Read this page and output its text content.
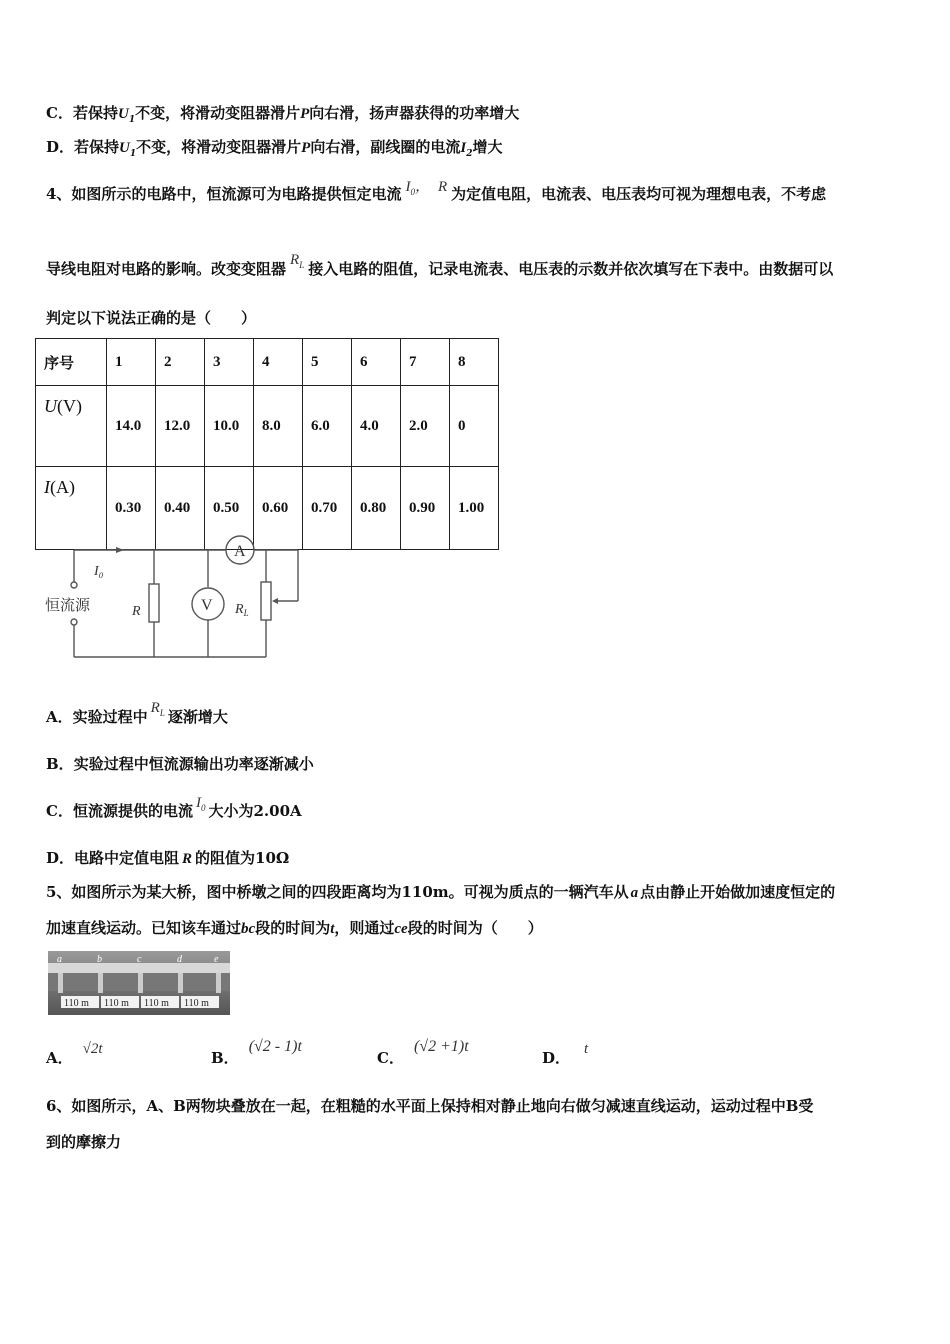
C．若保持$U_1$不变，将滑动变阻器滑片P向右滑，扬声器获得的功率增大
D．若保持$U_1$不变，将滑动变阻器滑片P向右滑，副线圈的电流$I_2$增大
4、如图所示的电路中，恒流源可为电路提供恒定电流 $I_0$， R 为定值电阻，电流表、电压表均可视为理想电表，不考虑
导线电阻对电路的影响。改变变阻器 $R_L$ 接入电路的阻值，记录电流表、电压表的示数并依次填写在下表中。由数据可以
判定以下说法正确的是（　　）
序号	1	2	3	4	5	6	7	8
U(V)	14.0	12.0	10.0	8.0	6.0	4.0	2.0	0
I(A)	0.30	0.40	0.50	0.60	0.70	0.80	0.90	1.00
I₀
恒流源	R	$R_L$
A
V
A．实验过程中 $R_L$ 逐渐增大
B．实验过程中恒流源输出功率逐渐减小
C．恒流源提供的电流 $I_0$ 大小为2.00A
D．电路中定值电阻 R 的阻值为10Ω
5、如图所示为某大桥，图中桥墩之间的四段距离均为110m。可视为质点的一辆汽车从 a 点由静止开始做加速度恒定的
加速直线运动。已知该车通过bc段的时间为t，则通过ce段的时间为（　　）
a	b	c	d	e
110 m 110 m 110 m 110 m
A． √2t	B．(√2 - 1)t
C．(√2 +1)t
D． t
6、如图所示，A、B两物块叠放在一起，在粗糙的水平面上保持相对静止地向右做匀减速直线运动，运动过程中B受
到的摩擦力
